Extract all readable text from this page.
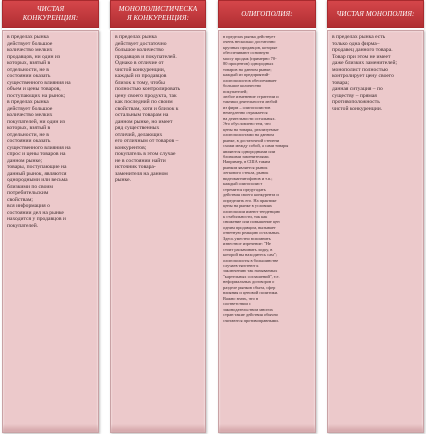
ЧИСТАЯ
КОНКУРЕНЦИЯ:

в пределах рынка
действует большое
количество мелких
продавцов, ни один из
которых, взятый в
отдельности, не в
состоянии оказать
существенного влияния на
объем и цены товаров,
поступающих на рынок;
в пределах рынка
действует большое
количество мелких
покупателей, ни один из
которых, взятый в
отдельности, не в
состоянии оказать
существенного влияния на
спрос и цены товаров на
данном рынке;
товары, поступающие на
данный рынок, являются
однородными или весьма
близкими по своим
потребительским
свойствам;
вся информация о
состоянии дел на рынке
находится у продавцов и
покупателей.

МОНОПОЛИСТИЧЕСКА
Я КОНКУРЕНЦИЯ:

в пределах рынка
действует достаточно
большое количество
продавцов и покупателей.
Однако в отличие от
чистой конкуренции,
каждый из продавцов
близок к тому, чтобы
полностью контролировать
цену своего продукта, так
как последний по своим
свойствам, хотя и близок к
остальным товарам на
данном рынке, но имеет
ряд существенных
отличий, делающих
его отличным от товаров –
конкурентов;
покупатель в этом случае
не в состоянии найти
источник товара-
заменителя на данном
рынке.

ОЛИГОПОЛИЯ:

в пределах рынка действует
очень несколько достаточно
крупных продавцов, которые
обеспечивают основную
массу продаж (примерно 70-
80 процентов) однородных
товаров на данном рынке;
каждый из предприятий-
олигополистов обеспечивает
большое количество
покупателей;
любое изменение стратегии и
тактики деятельности любой
из фирм – олигополистов
немедленно отражается
на деятельности остальных.
Это обусловлено тем, что
цены на товары, реализуемые
олигополистами на данном
рынке, в достаточной степени
схожи между собой, а сами товары
являются однородными или
близкими заменителями.
Например, в США таким
рынком является рынок
легкового стекла, рынок
видеомагнитофонов и т.п.;
каждый олигополист
стремится предугадать
действия своего конкурента и
определить его. На практике
цены на рынке в условиях
олигополии имеют тенденцию
к стабильности, так как
снижение или повышение цен
одним продавцом, вызывает
ответную реакцию остальных.
Здесь уместно вспомнить
известное изречение: "Не
стоит раскачивать лодку, в
которой вы находитесь сам";
олигополисты в большинстве
случаев тяготеют к
заключению так называемых
"картельных соглашений", т.е.
неформальных договоров о
разделе рынков сбыта, сфер
влияния и ценовой политики.
Важно знать, что в
соответствии с
законодательством многих
стран такие действия обычно
считаются противоправными.

ЧИСТАЯ МОНОПОЛИЯ:

в пределах рынка есть
только одна фирма–
продавец данного товара.
Товар при этом не имеет
даже близких заменителей;
монополист полностью
контролирует цену своего
товара;
данная ситуация – по
существу – прямая
противоположность
чистой конкуренции.
